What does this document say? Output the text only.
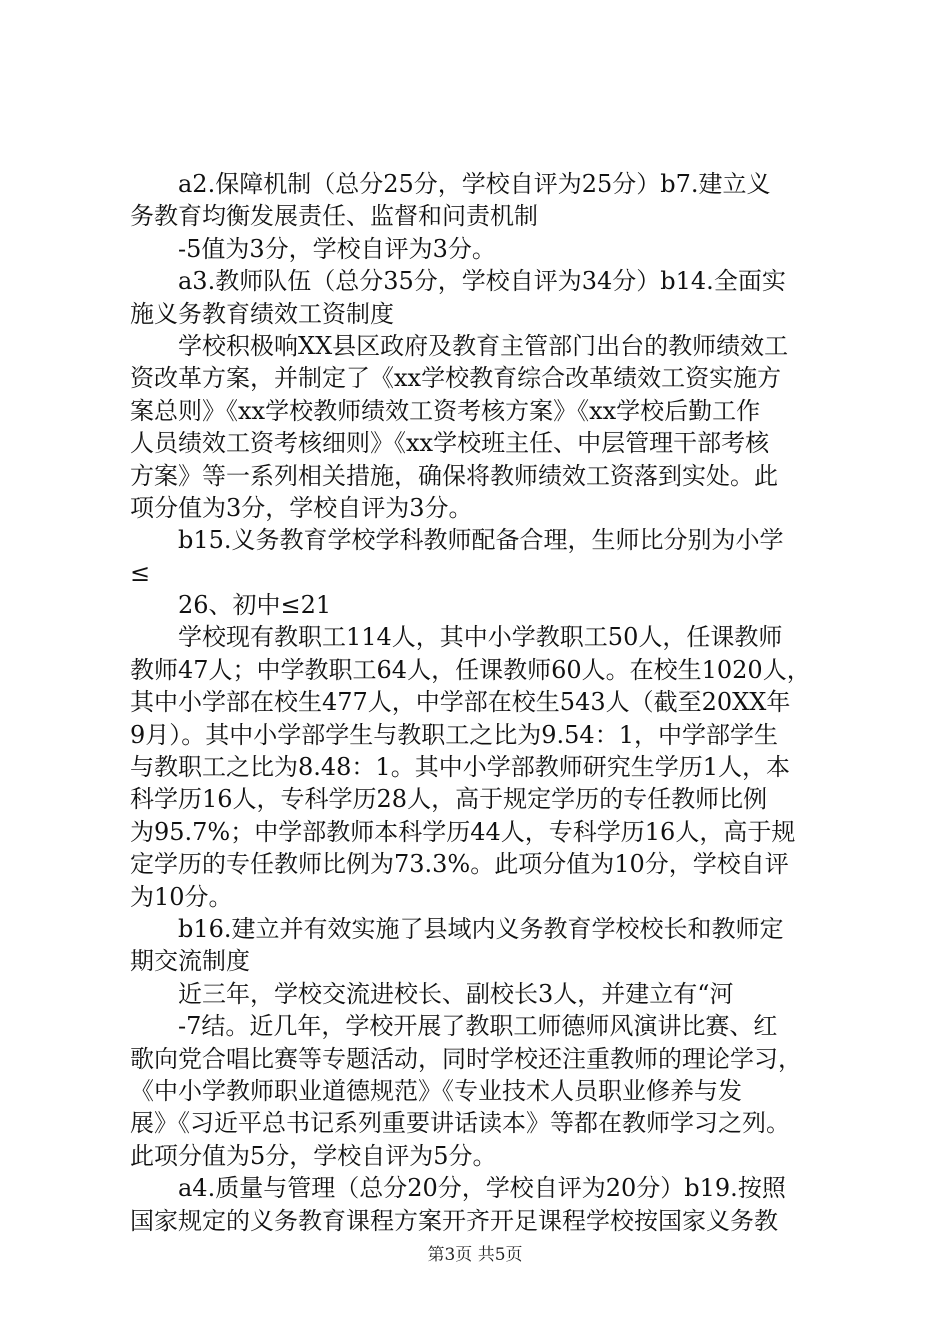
　　a2.保障机制（总分25分，学校自评为25分）b7.建立义
务教育均衡发展责任、监督和问责机制
　　-5值为3分，学校自评为3分。
　　a3.教师队伍（总分35分，学校自评为34分）b14.全面实
施义务教育绩效工资制度
　　学校积极响XX县区政府及教育主管部门出台的教师绩效工
资改革方案，并制定了《xx学校教育综合改革绩效工资实施方
案总则》《xx学校教师绩效工资考核方案》《xx学校后勤工作
人员绩效工资考核细则》《xx学校班主任、中层管理干部考核
方案》等一系列相关措施，确保将教师绩效工资落到实处。此
项分值为3分，学校自评为3分。
　　b15.义务教育学校学科教师配备合理，生师比分别为小学
≤
　　26、初中≤21
　　学校现有教职工114人，其中小学教职工50人，任课教师
教师47人；中学教职工64人，任课教师60人。在校生1020人，
其中小学部在校生477人，中学部在校生543人（截至20XX年
9月）。其中小学部学生与教职工之比为9.54：1，中学部学生
与教职工之比为8.48：1。其中小学部教师研究生学历1人，本
科学历16人，专科学历28人，高于规定学历的专任教师比例
为95.7%；中学部教师本科学历44人，专科学历16人，高于规
定学历的专任教师比例为73.3%。此项分值为10分，学校自评
为10分。
　　b16.建立并有效实施了县域内义务教育学校校长和教师定
期交流制度
　　近三年，学校交流进校长、副校长3人，并建立有“河
　　-7结。近几年，学校开展了教职工师德师风演讲比赛、红
歌向党合唱比赛等专题活动，同时学校还注重教师的理论学习，
《中小学教师职业道德规范》《专业技术人员职业修养与发
展》《习近平总书记系列重要讲话读本》等都在教师学习之列。
此项分值为5分，学校自评为5分。
　　a4.质量与管理（总分20分，学校自评为20分）b19.按照
国家规定的义务教育课程方案开齐开足课程学校按国家义务教
第3页 共5页
